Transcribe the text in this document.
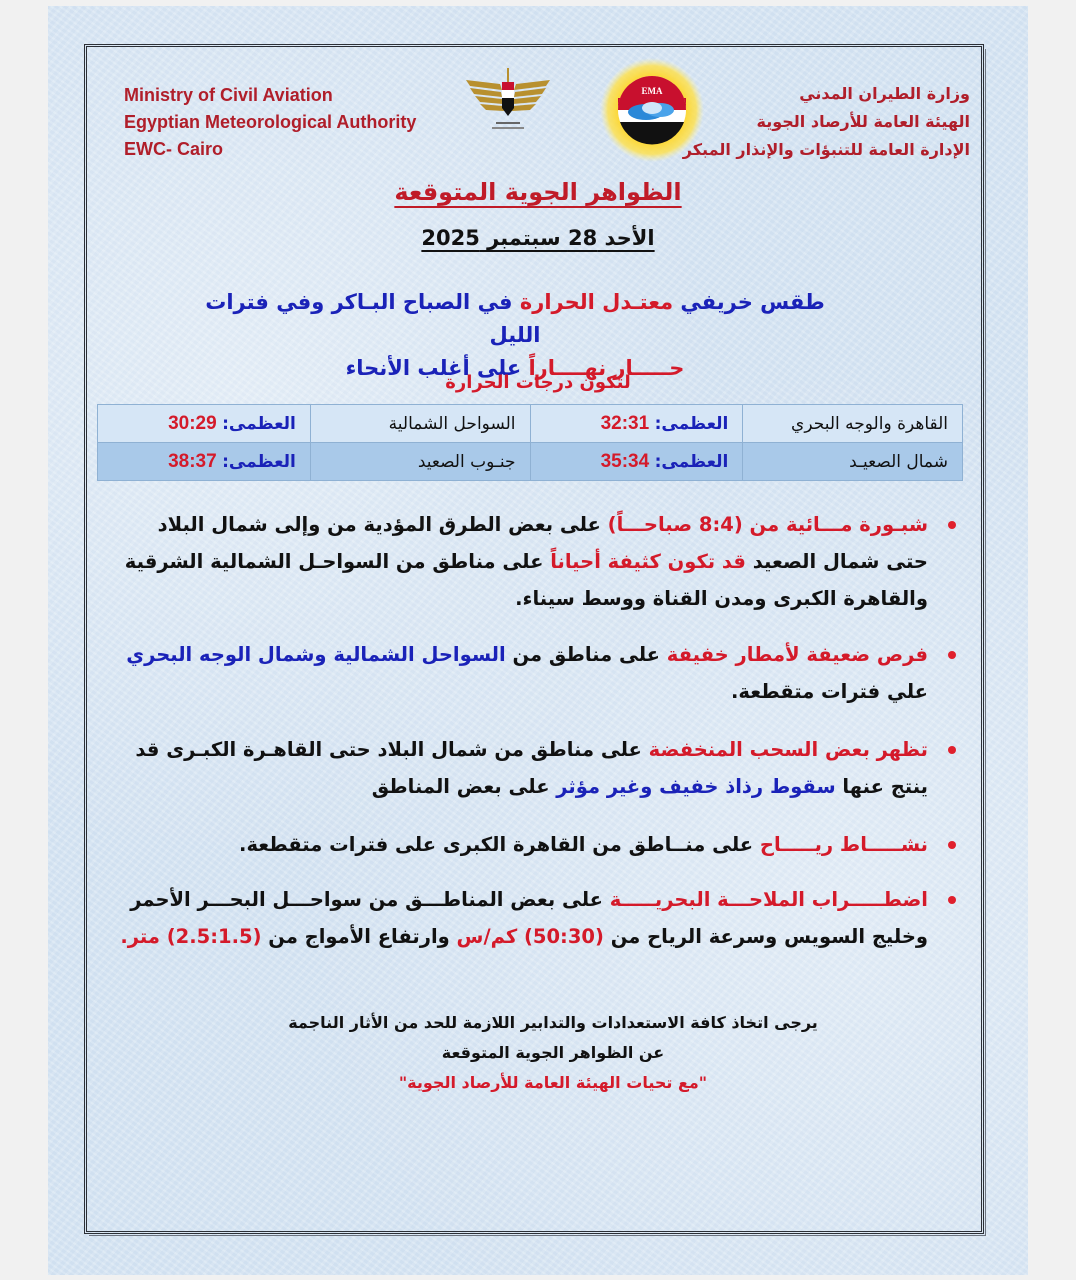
Ministry of Civil Aviation
Egyptian Meteorological Authority
EWC- Cairo
EMA	وزارة الطيران المدني
الهيئة العامة للأرصاد الجوية
الإدارة العامة للتنبؤات والإنذار المبكر
الظواهر الجوية المتوقعة
الأحد 28 سبتمبر 2025
طقس خريفي معتـدل الحرارة في الصباح البـاكر وفي فترات الليل
حـــــار نهــــاراً على أغلب الأنحاء
لتكون درجات الحرارة
القاهرة والوجه البحري	العظمى: 32:31	السواحل الشمالية	العظمى: 30:29
شمال الصعيـد	العظمى: 35:34	جنـوب الصعيد	العظمى: 38:37
شبـورة مـــائية من (8:4 صباحـــاً) على بعض الطرق المؤدية من وإلى شمال البلاد حتى شمال الصعيد قد تكون كثيفة أحياناً على مناطق من السواحـل الشمالية الشرقية والقاهرة الكبرى ومدن القناة ووسط سيناء.
فرص ضعيفة لأمطار خفيفة على مناطق من السواحل الشمالية وشمال الوجه البحري علي فترات متقطعة.
تظهر بعض السحب المنخفضة على مناطق من شمال البلاد حتى القاهـرة الكبـرى قد ينتج عنها سقوط رذاذ خفيف وغير مؤثر على بعض المناطق
نشـــــاط ريـــــاح على منــاطق من القاهرة الكبرى على فترات متقطعة.
اضطـــــراب الملاحـــة البحريـــــة على بعض المناطـــق من سواحـــل البحـــر الأحمر وخليج السويس وسرعة الرياح من (50:30) كم/س وارتفاع الأمواج من (2.5:1.5) متر.
يرجى اتخاذ كافة الاستعدادات والتدابير اللازمة للحد من الأثار الناجمة
عن الظواهر الجوية المتوقعة
"مع تحيات الهيئة العامة للأرصاد الجوية"
